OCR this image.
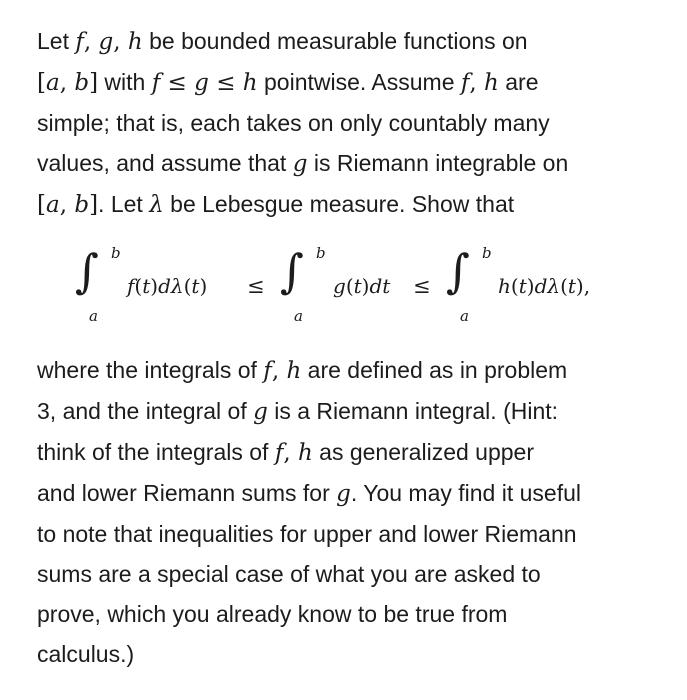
Let f, g, h be bounded measurable functions on
[a, b] with f ≤ g ≤ h pointwise. Assume f, h are
simple; that is, each takes on only countably many
values, and assume that g is Riemann integrable on
[a, b]. Let λ be Lebesgue measure. Show that
∫ b
a
f(t)dλ(t) ≤ ∫ b
a
g(t)dt ≤ ∫ b
a
h(t)dλ(t),
where the integrals of f, h are defined as in problem
3, and the integral of g is a Riemann integral. (Hint:
think of the integrals of f, h as generalized upper
and lower Riemann sums for g. You may find it useful
to note that inequalities for upper and lower Riemann
sums are a special case of what you are asked to
prove, which you already know to be true from
calculus.)
